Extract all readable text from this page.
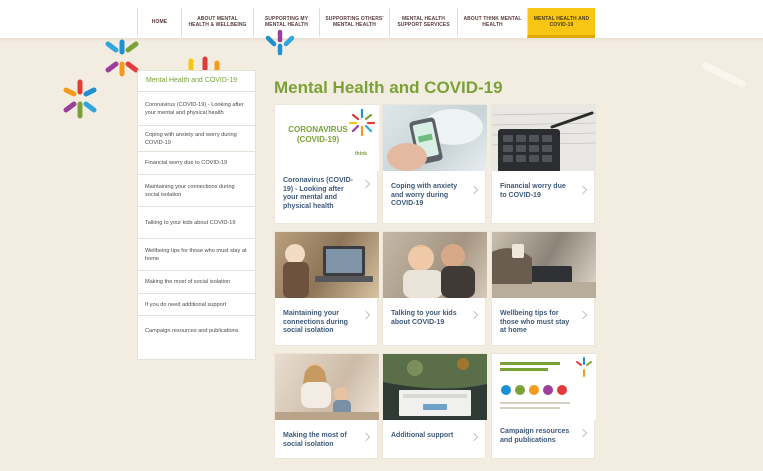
HOME	ABOUT MENTAL
HEALTH & WELLBEING
SUPPORTING MY
MENTAL HEALTH
SUPPORTING OTHERS'
MENTAL HEALTH
MENTAL HEALTH
SUPPORT SERVICES
ABOUT THINK MENTAL
HEALTH
MENTAL HEALTH AND
COVID-19
Mental Health and COVID-19
Coronavirus (COVID-19) - Looking after your mental and physical health
Coping with anxiety and worry during COVID-19
Financial worry due to COVID-19
Maintaining your connections during social isolation
Talking to your kids about COVID-19
Wellbeing tips for those who must stay at home
Making the most of social isolation
If you do need additional support
Campaign resources and publications
Mental Health and COVID-19
CORONAVIRUS
(COVID-19)
think
Coronavirus (COVID-19) - Looking after your mental and physical health
Coping with anxiety and worry during COVID-19
Financial worry due to COVID-19
Maintaining your connections during social isolation
Talking to your kids about COVID-19
Wellbeing tips for those who must stay at home
Making the most of social isolation
Additional support
Campaign resources and publications
